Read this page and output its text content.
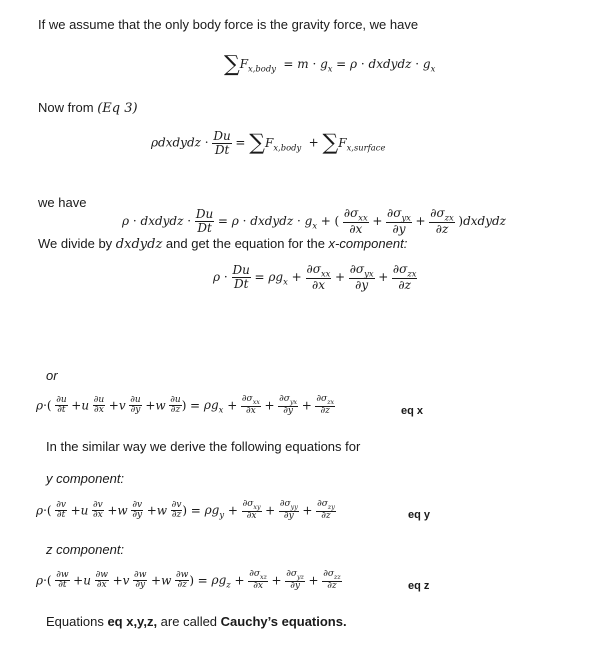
If we assume that the only body force is the gravity force, we have
$\sum F_{x,body} = m \cdot g_x = \rho$ · dxdydz · $g_x$
Now from (Eq 3)
ρdxdydz · $\frac{Du}{Dt} = \sum F_{x,body} + \sum F_{x,surface}$
we have
ρ · dxdydz · $\frac{Du}{Dt} = \rho$ · dxdydz · $g_x$ + ( $\frac{\partial\sigma_{xx}}{\partial x} + \frac{\partial\sigma_{yx}}{\partial y} + \frac{\partial\sigma_{zx}}{\partial z}$ )dxdydz
We divide by dxdydz and get the equation for the x-component:
$\rho \cdot \frac{Du}{Dt} = \rho g_x + \frac{\partial\sigma_{xx}}{\partial x} + \frac{\partial\sigma_{yx}}{\partial y} + \frac{\partial\sigma_{zx}}{\partial z}$
or
$\rho\cdot( \frac{\partial u}{\partial t} +u \frac{\partial u}{\partial x} +v \frac{\partial u}{\partial y} +w \frac{\partial u}{\partial z}$ ) = $\rho g_x + \frac{\partial\sigma_{xx}}{\partial x} + \frac{\partial\sigma_{yx}}{\partial y} + \frac{\partial\sigma_{zx}}{\partial z}$	eq x
In the similar way we derive the following equations for
y component:
$\rho\cdot( \frac{\partial v}{\partial t} +u \frac{\partial v}{\partial x} +w \frac{\partial v}{\partial y} +w \frac{\partial v}{\partial z}$ ) = $\rho g_y + \frac{\partial\sigma_{xy}}{\partial x} + \frac{\partial\sigma_{yy}}{\partial y} + \frac{\partial\sigma_{zy}}{\partial z}$	eq y
z component:
$\rho\cdot( \frac{\partial w}{\partial t} +u \frac{\partial w}{\partial x} +v \frac{\partial w}{\partial y} +w \frac{\partial w}{\partial z}$ ) = $\rho g_z + \frac{\partial\sigma_{xz}}{\partial x} + \frac{\partial\sigma_{yz}}{\partial y} + \frac{\partial\sigma_{zz}}{\partial z}$	eq z
Equations eq x,y,z, are called Cauchy’s equations.
